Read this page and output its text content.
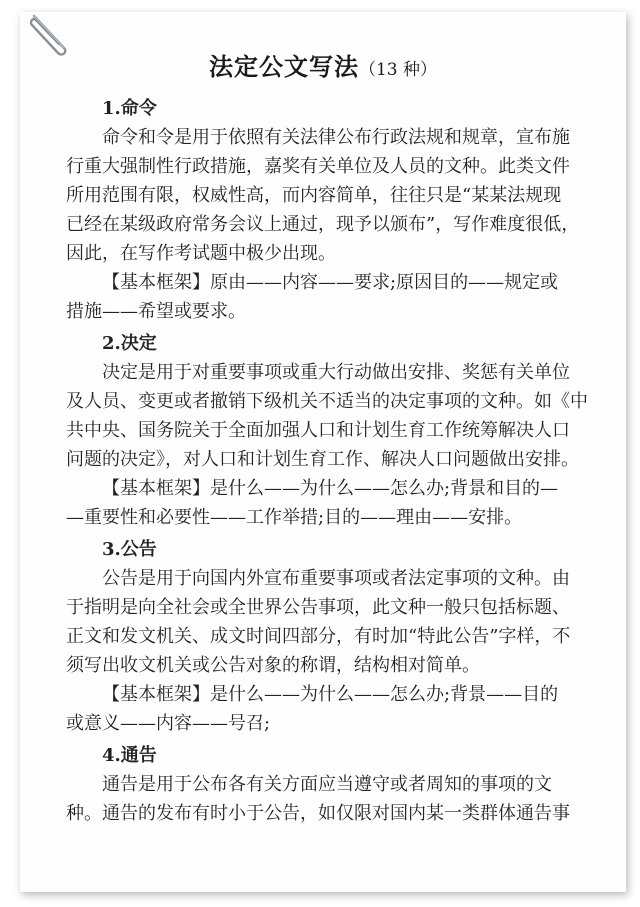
法定公文写法（13 种）
1.命令
命令和令是用于依照有关法律公布行政法规和规章，宣布施
行重大强制性行政措施，嘉奖有关单位及人员的文种。此类文件
所用范围有限，权威性高，而内容简单，往往只是“某某法规现
已经在某级政府常务会议上通过，现予以颁布”，写作难度很低，
因此，在写作考试题中极少出现。
【基本框架】原由——内容——要求;原因目的——规定或
措施——希望或要求。
2.决定
决定是用于对重要事项或重大行动做出安排、奖惩有关单位
及人员、变更或者撤销下级机关不适当的决定事项的文种。如《中
共中央、国务院关于全面加强人口和计划生育工作统筹解决人口
问题的决定》，对人口和计划生育工作、解决人口问题做出安排。
【基本框架】是什么——为什么——怎么办;背景和目的—
—重要性和必要性——工作举措;目的——理由——安排。
3.公告
公告是用于向国内外宣布重要事项或者法定事项的文种。由
于指明是向全社会或全世界公告事项，此文种一般只包括标题、
正文和发文机关、成文时间四部分，有时加“特此公告”字样，不
须写出收文机关或公告对象的称谓，结构相对简单。
【基本框架】是什么——为什么——怎么办;背景——目的
或意义——内容——号召;
4.通告
通告是用于公布各有关方面应当遵守或者周知的事项的文
种。通告的发布有时小于公告，如仅限对国内某一类群体通告事
